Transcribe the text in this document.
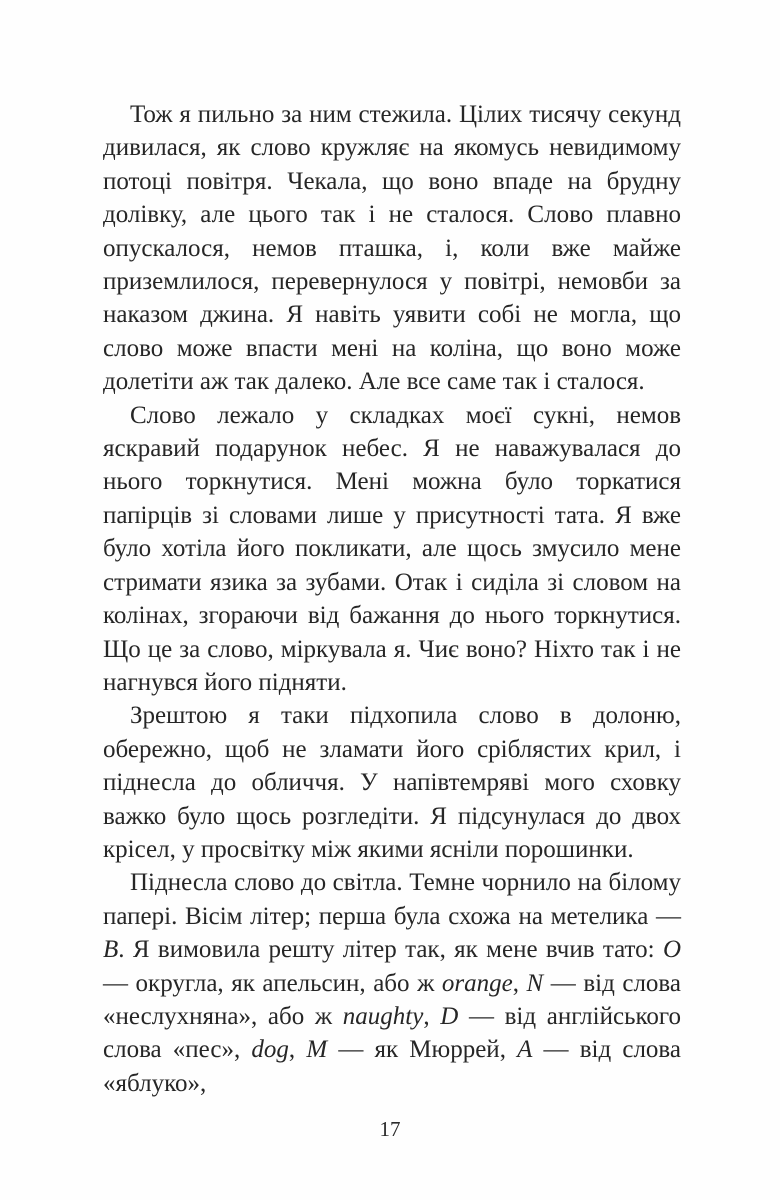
Тож я пильно за ним стежила. Цілих тисячу секунд дивилася, як слово кружляє на якомусь невидимому потоці повітря. Чекала, що воно впаде на брудну долівку, але цього так і не сталося. Слово плавно опускалося, немов пташка, і, коли вже майже приземлилося, перевернулося у повітрі, немовби за наказом джина. Я навіть уявити собі не могла, що слово може впасти мені на коліна, що воно може долетіти аж так далеко. Але все саме так і сталося.

Слово лежало у складках моєї сукні, немов яскравий подарунок небес. Я не наважувалася до нього торкнутися. Мені можна було торкатися папірців зі словами лише у присутності тата. Я вже було хотіла його покликати, але щось змусило мене стримати язика за зубами. Отак і сиділа зі словом на колінах, згораючи від бажання до нього торкнутися. Що це за слово, міркувала я. Чиє воно? Ніхто так і не нагнувся його підняти.

Зрештою я таки підхопила слово в долоню, обережно, щоб не зламати його сріблястих крил, і піднесла до обличчя. У напівтемряві мого сховку важко було щось розгледіти. Я підсунулася до двох крісел, у просвітку між якими ясніли порошинки.

Піднесла слово до світла. Темне чорнило на білому папері. Вісім літер; перша була схожа на метелика — B. Я вимовила решту літер так, як мене вчив тато: O — округла, як апельсин, або ж orange, N — від слова «неслухняна», або ж naughty, D — від англійського слова «пес», dog, M — як Мюррей, A — від слова «яблуко»,

17
